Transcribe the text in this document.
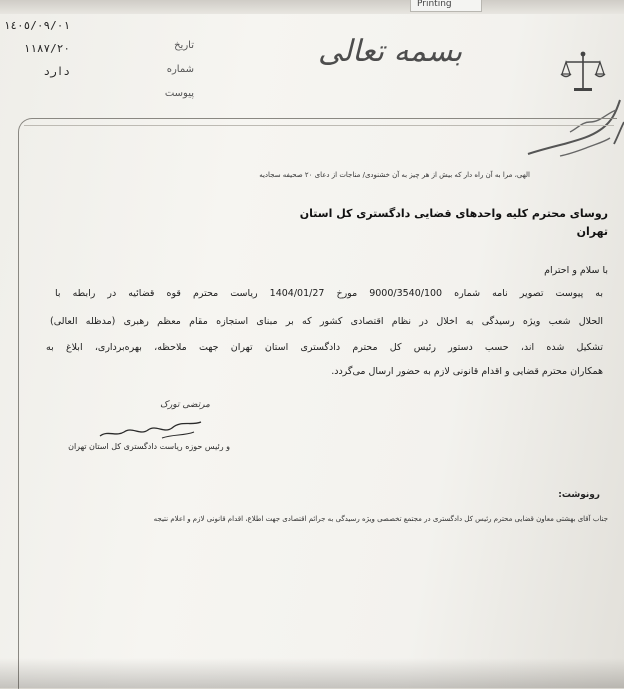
Printing
١٤٠٥/٠٩/٠١
١١٨٧/٢٠
دارد
تاریخ
شماره
پیوست
بسمه تعالی
الهی، مرا به آن راه دار که بیش از هر چیز به آن خشنودی/ مناجات از دعای ۲۰ صحیفه سجادیه
روسای محترم کلیه واحدهای قضایی دادگستری کل استان تهران
با سلام و احترام
به پیوست تصویر نامه شماره 9000/3540/100 مورخ 1404/01/27 ریاست محترم قوه قضائیه در رابطه با
الحلال شعب ویژه رسیدگی به اخلال در نظام اقتصادی کشور که بر مبنای استجازه مقام معظم رهبری (مدظله العالی)
تشکیل شده اند، حسب دستور رئیس کل محترم دادگستری استان تهران جهت ملاحظه، بهره‌برداری، ابلاغ به
همکاران محترم قضایی و اقدام قانونی لازم به حضور ارسال می‌گردد.
مرتضی تورک
و رئیس حوزه ریاست دادگستری کل استان تهران
رونوشت:
جناب آقای بهشتی معاون قضایی محترم رئیس کل دادگستری در مجتمع تخصصی ویژه رسیدگی به جرائم اقتصادی جهت اطلاع، اقدام قانونی لازم و اعلام نتیجه
